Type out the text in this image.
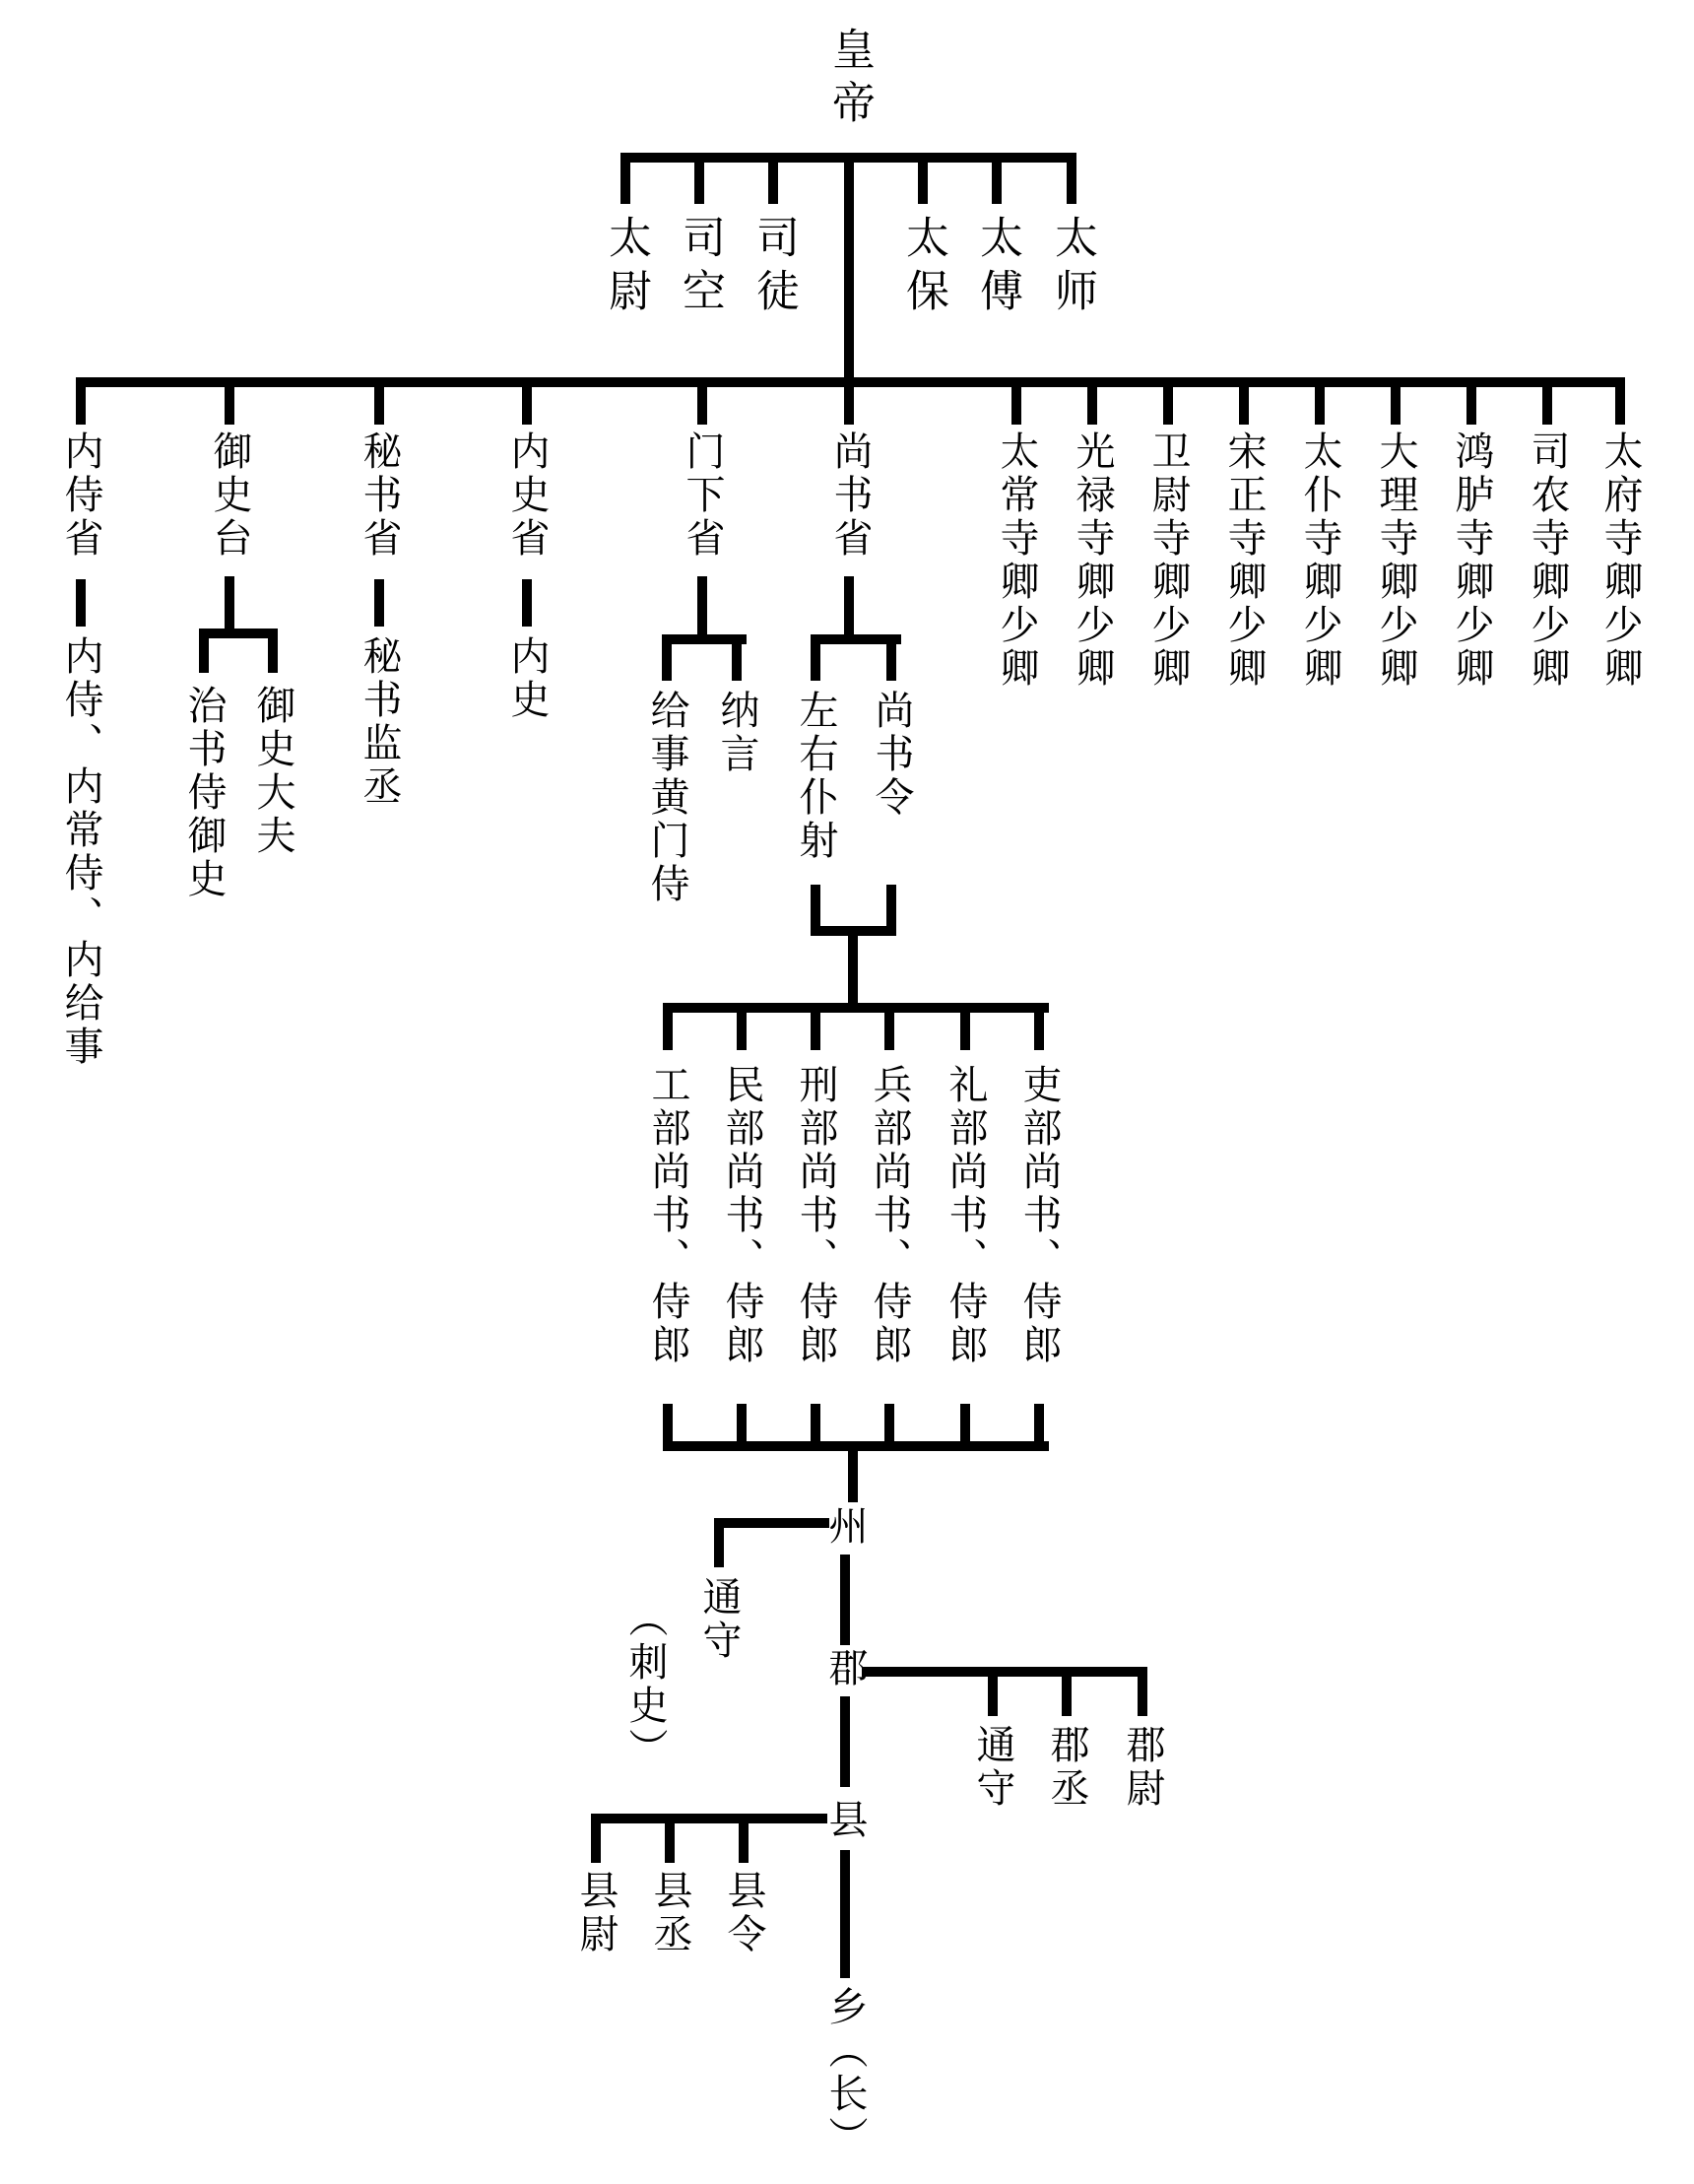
皇帝
太尉 司空 司徒 太保 太傅 太师
内侍省	御史台	秘书省	内史省	门下省	尚书省
内侍、内常侍、内给事 治书侍御史 御史大夫 秘书监丞	内史
给事黄门侍 纳言 左右仆射 尚书令
太常寺卿少卿 光禄寺卿少卿 卫尉寺卿少卿 宋正寺卿少卿 太仆寺卿少卿 大理寺卿少卿 鸿胪寺卿少卿 司农寺卿少卿 太府寺卿少卿
工部尚书、侍郎 民部尚书、侍郎 刑部尚书、侍郎 兵部尚书、侍郎 礼部尚书、侍郎 吏部尚书、侍郎
州
通守
（刺史）	郡
通守 郡丞 郡尉
县
县尉 县丞 县令
乡（长）
